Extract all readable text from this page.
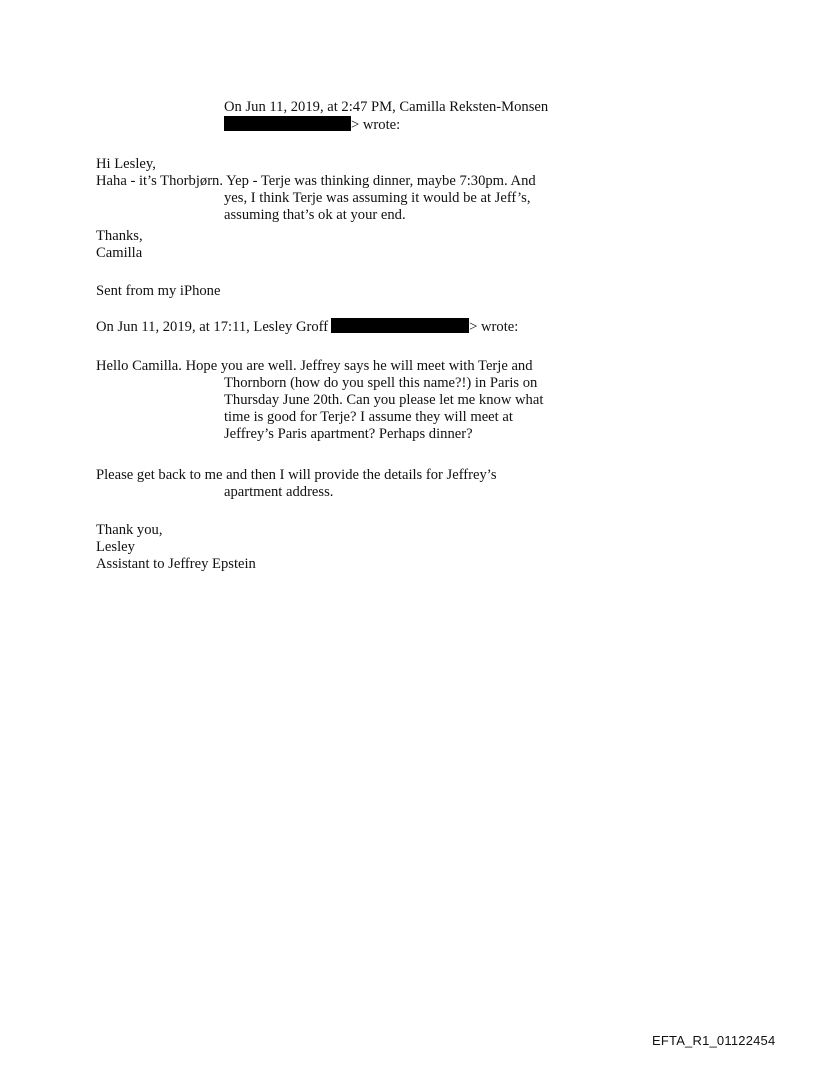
On Jun 11, 2019, at 2:47 PM, Camilla Reksten-Monsen
> wrote:
Hi Lesley,
Haha - it’s Thorbjørn. Yep - Terje was thinking dinner, maybe 7:30pm. And
yes, I think Terje was assuming it would be at Jeff’s,
assuming that’s ok at your end.
Thanks,
Camilla
Sent from my iPhone
On Jun 11, 2019, at 17:11, Lesley Groff	> wrote:
Hello Camilla. Hope you are well. Jeffrey says he will meet with Terje and
Thornborn (how do you spell this name?!) in Paris on
Thursday June 20th. Can you please let me know what
time is good for Terje? I assume they will meet at
Jeffrey’s Paris apartment? Perhaps dinner?
Please get back to me and then I will provide the details for Jeffrey’s
apartment address.
Thank you,
Lesley
Assistant to Jeffrey Epstein
EFTA_R1_01122454
